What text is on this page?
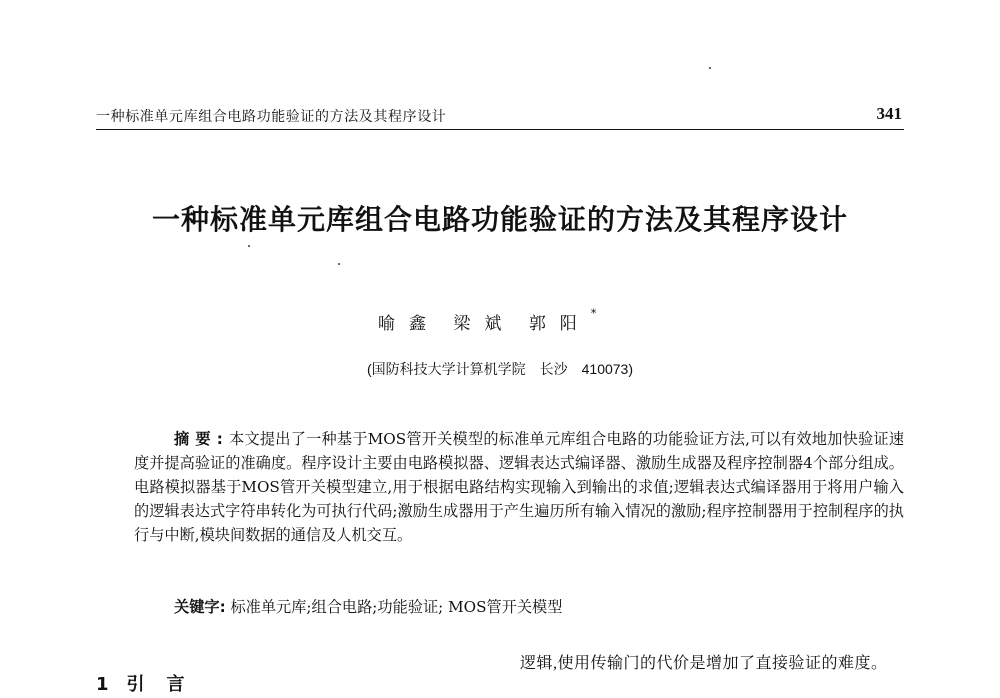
一种标准单元库组合电路功能验证的方法及其程序设计	341
一种标准单元库组合电路功能验证的方法及其程序设计
喻鑫 梁斌 郭阳*
(国防科技大学计算机学院　长沙　410073)
摘要:本文提出了一种基于MOS管开关模型的标准单元库组合电路的功能验证方法,可以有效地加快验证速度并提高验证的准确度。程序设计主要由电路模拟器、逻辑表达式编译器、激励生成器及程序控制器4个部分组成。电路模拟器基于MOS管开关模型建立,用于根据电路结构实现输入到输出的求值;逻辑表达式编译器用于将用户输入的逻辑表达式字符串转化为可执行代码;激励生成器用于产生遍历所有输入情况的激励;程序控制器用于控制程序的执行与中断,模块间数据的通信及人机交互。
关键字: 标准单元库;组合电路;功能验证; MOS管开关模型
1 引言
逻辑,使用传输门的代价是增加了直接验证的难度。
